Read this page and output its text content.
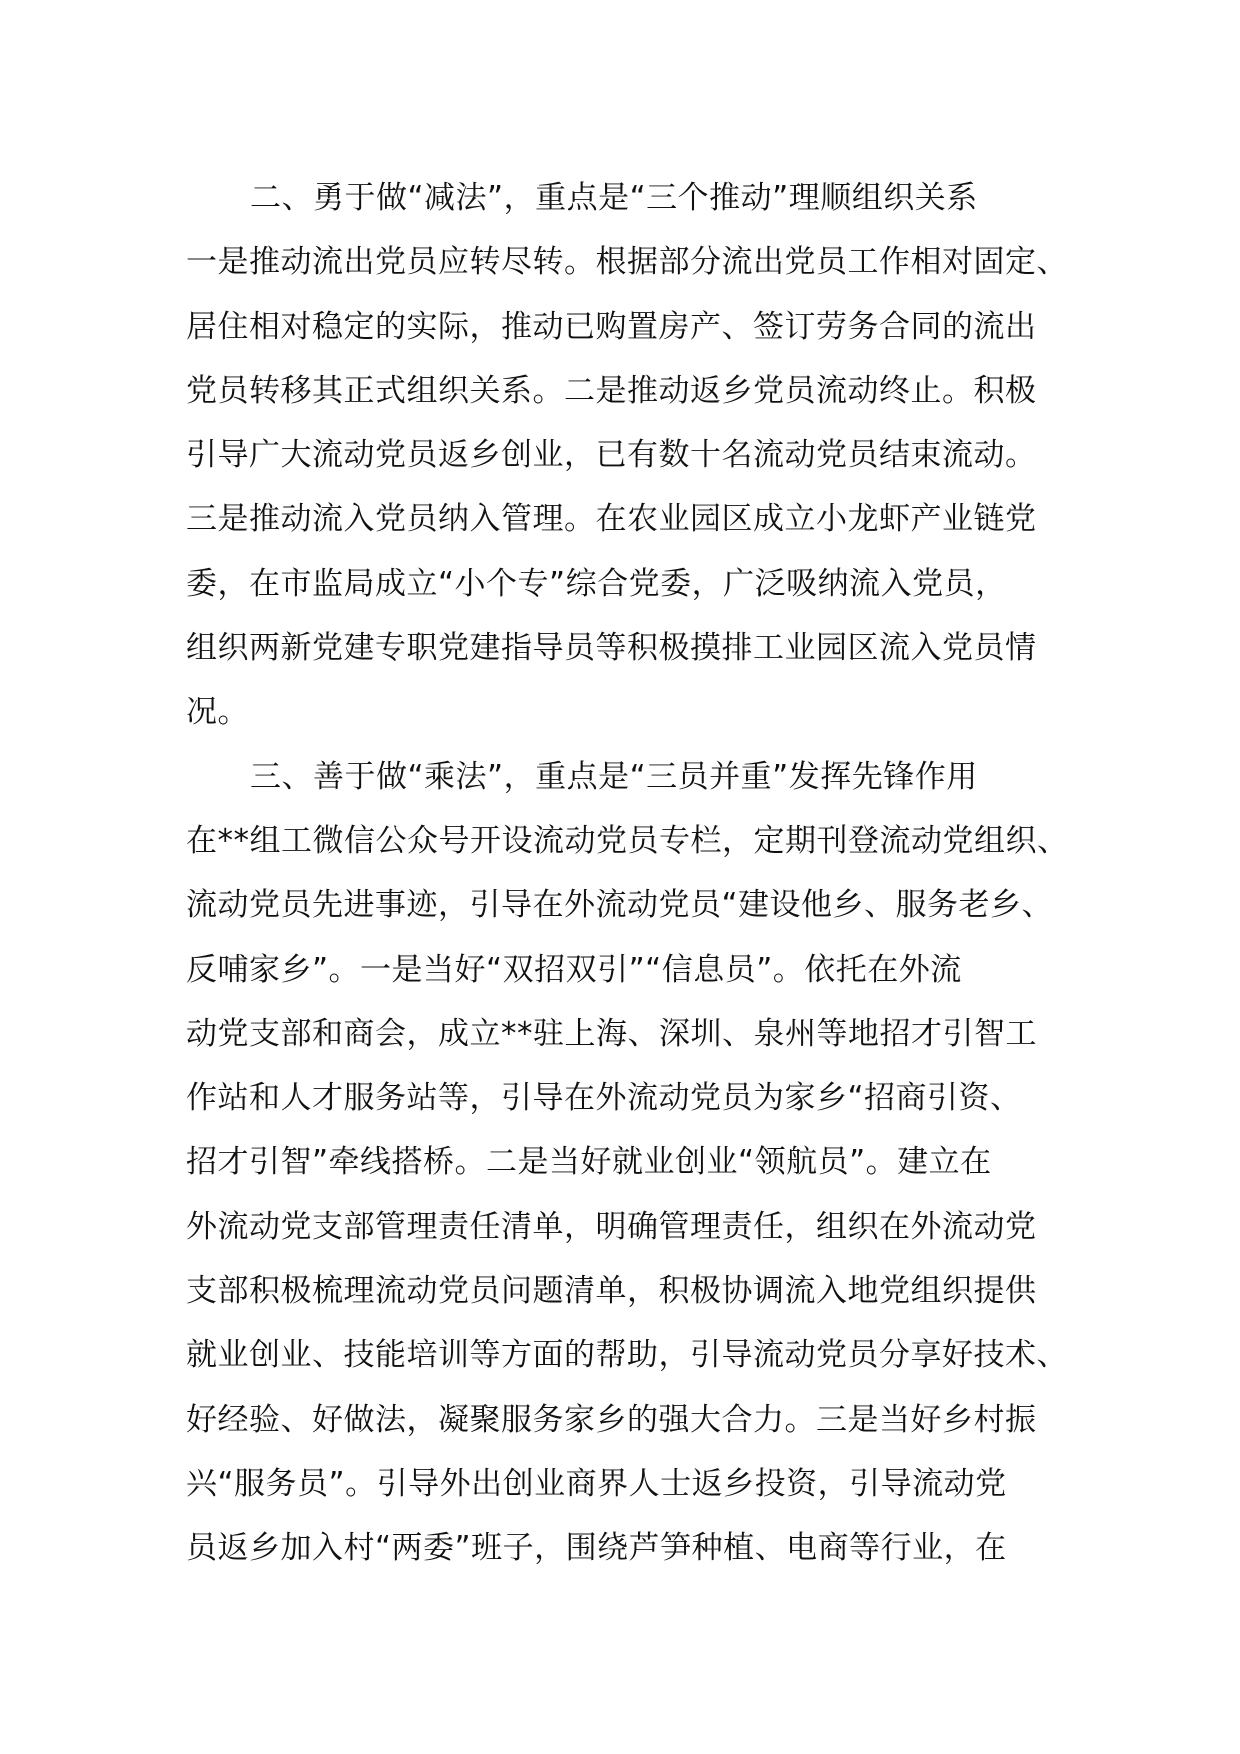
二、勇于做“减法”，重点是“三个推动”理顺组织关系
一是推动流出党员应转尽转。根据部分流出党员工作相对固定、
居住相对稳定的实际，推动已购置房产、签订劳务合同的流出
党员转移其正式组织关系。二是推动返乡党员流动终止。积极
引导广大流动党员返乡创业，已有数十名流动党员结束流动。
三是推动流入党员纳入管理。在农业园区成立小龙虾产业链党
委，在市监局成立“小个专”综合党委，广泛吸纳流入党员，
组织两新党建专职党建指导员等积极摸排工业园区流入党员情
况。
三、善于做“乘法”，重点是“三员并重”发挥先锋作用
在**组工微信公众号开设流动党员专栏，定期刊登流动党组织、
流动党员先进事迹，引导在外流动党员“建设他乡、服务老乡、
反哺家乡”。一是当好“双招双引”“信息员”。依托在外流
动党支部和商会，成立**驻上海、深圳、泉州等地招才引智工
作站和人才服务站等，引导在外流动党员为家乡“招商引资、
招才引智”牵线搭桥。二是当好就业创业“领航员”。建立在
外流动党支部管理责任清单，明确管理责任，组织在外流动党
支部积极梳理流动党员问题清单，积极协调流入地党组织提供
就业创业、技能培训等方面的帮助，引导流动党员分享好技术、
好经验、好做法，凝聚服务家乡的强大合力。三是当好乡村振
兴“服务员”。引导外出创业商界人士返乡投资，引导流动党
员返乡加入村“两委”班子，围绕芦笋种植、电商等行业，在
